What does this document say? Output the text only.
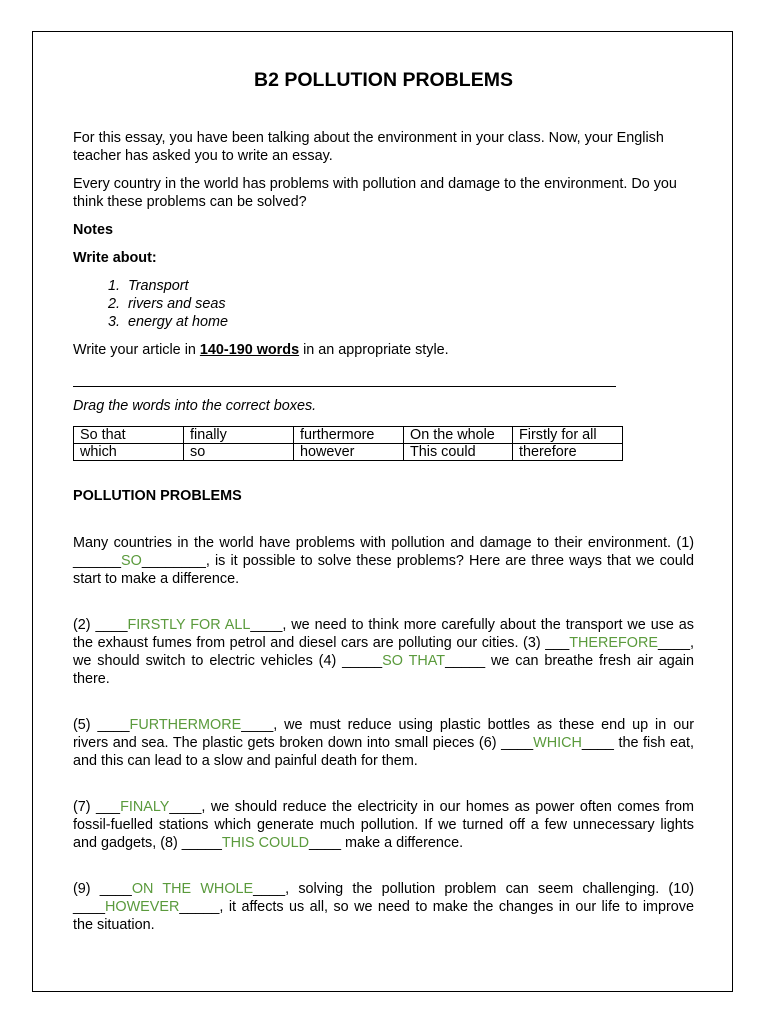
B2 POLLUTION PROBLEMS

For this essay, you have been talking about the environment in your class. Now, your English teacher has asked you to write an essay.

Every country in the world has problems with pollution and damage to the environment. Do you think these problems can be solved?

Notes

Write about:

1. Transport
2. rivers and seas
3. energy at home

Write your article in 140-190 words in an appropriate style.

Drag the words into the correct boxes.

So that	finally	furthermore	On the whole	Firstly for all
which	so	however	This could	therefore

POLLUTION PROBLEMS

Many countries in the world have problems with pollution and damage to their environment. (1) ______SO________, is it possible to solve these problems? Here are three ways that we could start to make a difference.

(2) ____FIRSTLY FOR ALL____, we need to think more carefully about the transport we use as the exhaust fumes from petrol and diesel cars are polluting our cities. (3) ___THEREFORE____, we should switch to electric vehicles (4) _____SO THAT_____ we can breathe fresh air again there.

(5) ____FURTHERMORE____, we must reduce using plastic bottles as these end up in our rivers and sea. The plastic gets broken down into small pieces (6) ____WHICH____ the fish eat, and this can lead to a slow and painful death for them.

(7) ___FINALY____, we should reduce the electricity in our homes as power often comes from fossil-fuelled stations which generate much pollution. If we turned off a few unnecessary lights and gadgets, (8) _____THIS COULD____ make a difference.

(9) ____ON THE WHOLE____, solving the pollution problem can seem challenging. (10) ____HOWEVER_____, it affects us all, so we need to make the changes in our life to improve the situation.
